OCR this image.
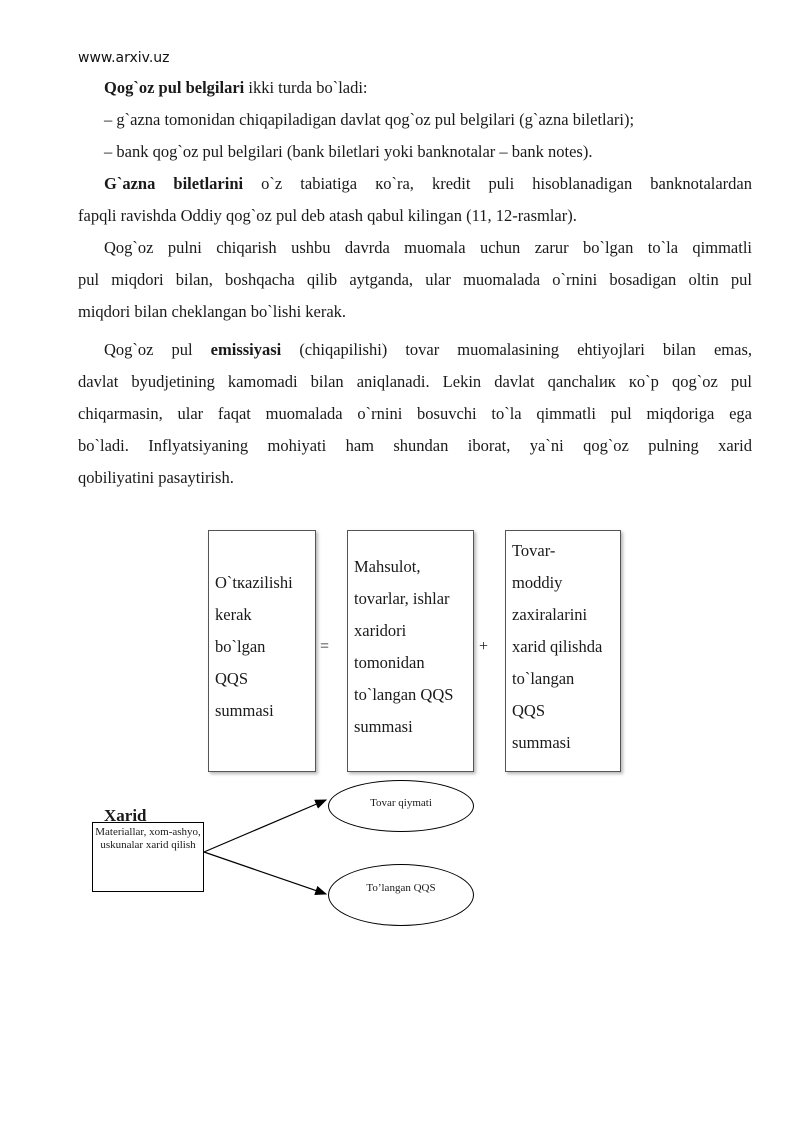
www.arxiv.uz
Qog`oz pul belgilari ikki turda bo`ladi:
– g`azna tomonidan chiqapiladigan davlat qog`oz pul belgilari (g`azna biletlari);
– bank qog`oz pul belgilari (bank biletlari yoki banknotalar – bank notes).
G`azna biletlarini o`z tabiatiga кo`ra, kredit puli hisoblanadigan banknotalardan
fapqli ravishda Oddiy qog`oz pul deb atash qabul kilingan (11, 12-rasmlar).
Qog`oz pulni chiqarish ushbu davrda muomala uchun zarur bo`lgan to`la qimmatli
pul miqdori bilan, boshqacha qilib aytganda, ular muomalada o`rnini bosadigan oltin pul
miqdori bilan cheklangan bo`lishi kerak.
Qog`oz pul emissiyasi (chiqapilishi) tovar muomalasining ehtiyojlari bilan emas,
davlat byudjetining kamomadi bilan aniqlanadi. Lekin davlat qanchalик кo`p qog`oz pul
chiqarmasin, ular faqat muomalada o`rnini bosuvchi to`la qimmatli pul miqdoriga ega
bo`ladi. Inflyatsiyaning mohiyati ham shundan iborat, ya`ni qog`oz pulning xarid
qobiliyatini pasaytirish.
O`tкazilishi
kerak
bo`lgan
QQS
summasi
=
Mahsulot,
tovarlar, ishlar
xaridori
tomonidan
to`langan QQS
summasi
+
Tovar-
moddiy
zaxiralarini
xarid qilishda
to`langan
QQS
summasi
Xarid
Materiallar, xom-ashyo, uskunalar xarid qilish
Tovar qiymati
To’langan QQS
